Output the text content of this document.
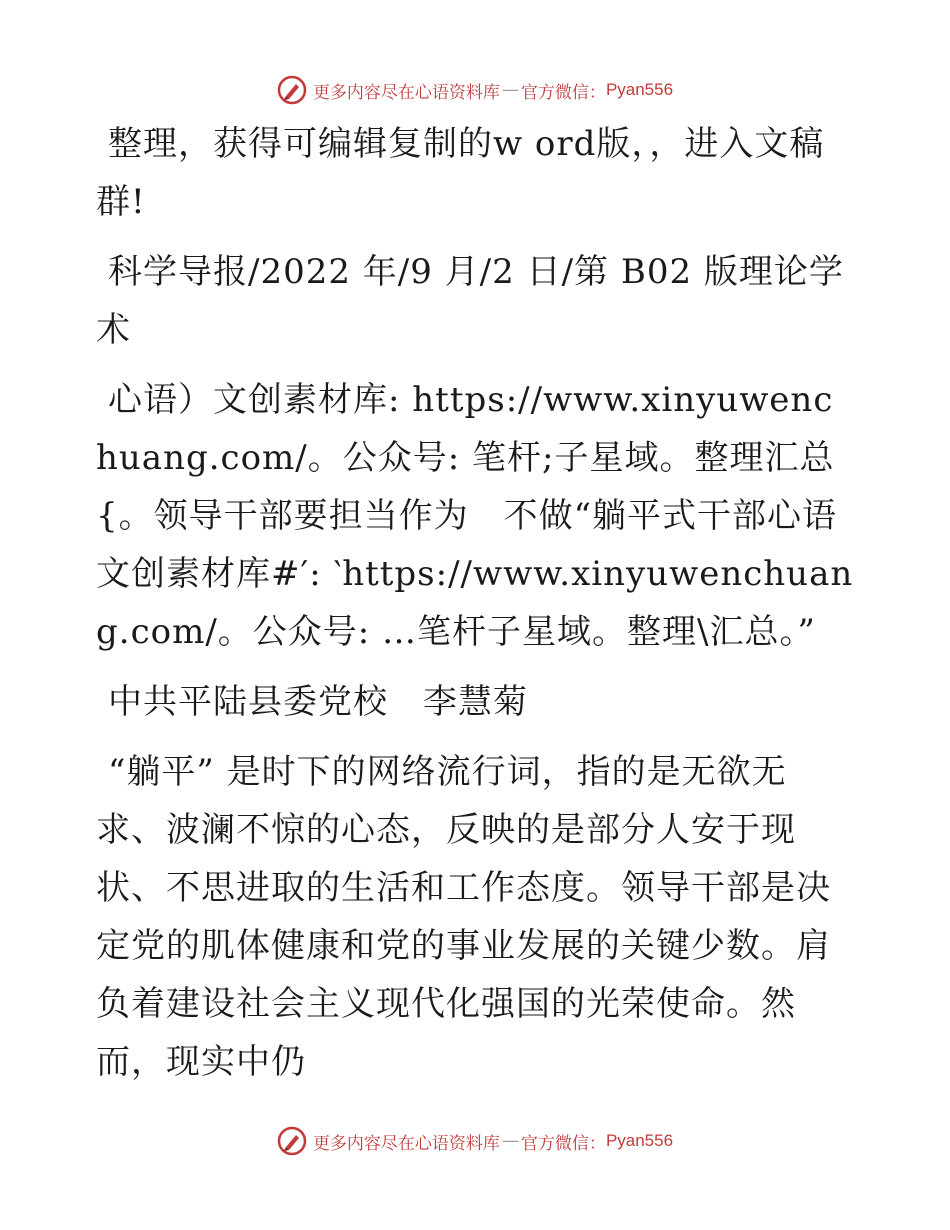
更多内容尽在心语资料库 — 官方微信： Pyan556

整理，获得可编辑复制的w ord版，，进入文稿群!

科学导报/2022 年/9 月/2 日/第 B02 版理论学术

心语）文创素材库: https://www.xinyuwenchuang.com/。公众号: 笔杆;子星域。整理汇总{。领导干部要担当作为　不做“躺平式干部心语文创素材库#′: ‵https://www.xinyuwenchuang.com/。公众号: …笔杆子星域。整理\汇总。”

中共平陆县委党校　李慧菊

“躺平” 是时下的网络流行词，指的是无欲无求、波澜不惊的心态，反映的是部分人安于现状、不思进取的生活和工作态度。领导干部是决定党的肌体健康和党的事业发展的关键少数。肩负着建设社会主义现代化强国的光荣使命。然而，现实中仍

更多内容尽在心语资料库 — 官方微信： Pyan556
